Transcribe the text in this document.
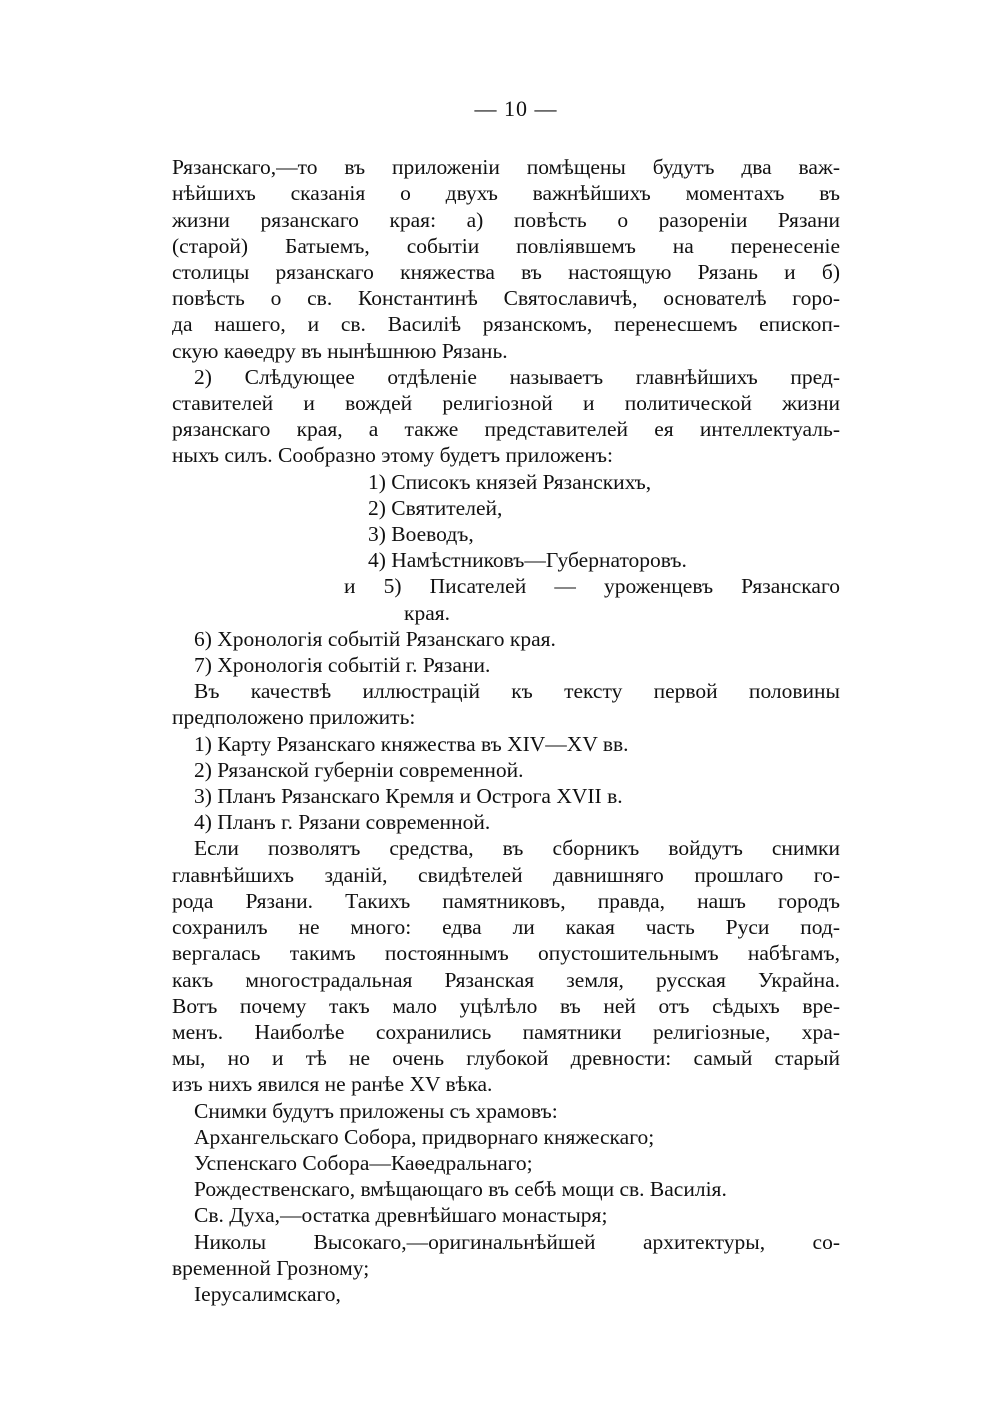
— 10 —
Рязанскаго,—то въ приложенiи помѣщены будутъ два важ-
нѣйшихъ сказанiя о двухъ важнѣйшихъ моментахъ въ
жизни рязанскаго края: а) повѣсть о разоренiи Рязани
(старой) Батыемъ, событiи повлiявшемъ на перенесенiе
столицы рязанскаго княжества въ настоящую Рязань и б)
повѣсть о св. Константинѣ Святославичѣ, основателѣ горо-
да нашего, и св. Василiѣ рязанскомъ, перенесшемъ епископ-
скую каѳедру въ нынѣшнюю Рязань.
2) Слѣдующее отдѣленiе называетъ главнѣйшихъ пред-
ставителей и вождей религiозной и политической жизни
рязанскаго края, а также представителей ея интеллектуаль-
ныхъ силъ. Сообразно этому будетъ приложенъ:
1) Списокъ князей Рязанскихъ,
2) Святителей,
3) Воеводъ,
4) Намѣстниковъ—Губернаторовъ.
и 5) Писателей — уроженцевъ Рязанскаго
края.
6) Хронологiя событiй Рязанскаго края.
7) Хронологiя событiй г. Рязани.
Въ качествѣ иллюстрацiй къ тексту первой половины
предположено приложить:
1) Карту Рязанскаго княжества въ XIV—XV вв.
2) Рязанской губернiи современной.
3) Планъ Рязанскаго Кремля и Острога XVII в.
4) Планъ г. Рязани современной.
Если позволятъ средства, въ сборникъ войдутъ снимки
главнѣйшихъ зданiй, свидѣтелей давнишняго прошлаго го-
рода Рязани. Такихъ памятниковъ, правда, нашъ городъ
сохранилъ не много: едва ли какая часть Руси под-
вергалась такимъ постояннымъ опустошительнымъ набѣгамъ,
какъ многострадальная Рязанская земля, русская Украйна.
Вотъ почему такъ мало уцѣлѣло въ ней отъ сѣдыхъ вре-
менъ. Наиболѣе сохранились памятники религiозные, хра-
мы, но и тѣ не очень глубокой древности: самый старый
изъ нихъ явился не ранѣе XV вѣка.
Снимки будутъ приложены съ храмовъ:
Архангельскаго Собора, придворнаго княжескаго;
Успенскаго Собора—Каѳедральнаго;
Рождественскаго, вмѣщающаго въ себѣ мощи св. Василiя.
Св. Духа,—остатка древнѣйшаго монастыря;
Николы Высокаго,—оригинальнѣйшей архитектуры, со-
временной Грозному;
Iерусалимскаго,
